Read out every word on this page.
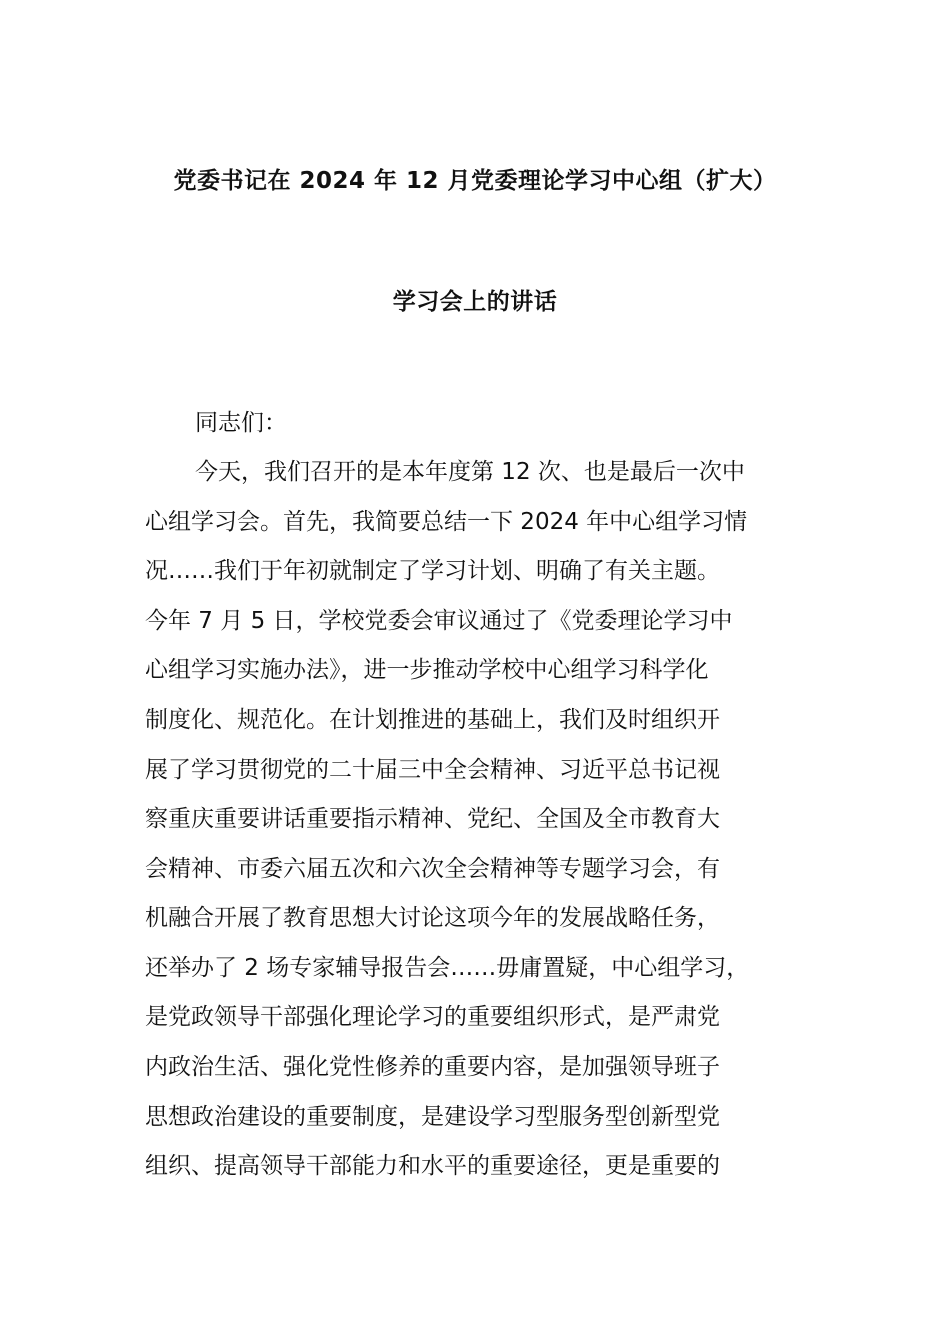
党委书记在 2024 年 12 月党委理论学习中心组（扩大）
学习会上的讲话
同志们：
今天，我们召开的是本年度第 12 次、也是最后一次中
心组学习会。首先，我简要总结一下 2024 年中心组学习情
况……我们于年初就制定了学习计划、明确了有关主题。
今年 7 月 5 日，学校党委会审议通过了《党委理论学习中
心组学习实施办法》，进一步推动学校中心组学习科学化
制度化、规范化。在计划推进的基础上，我们及时组织开
展了学习贯彻党的二十届三中全会精神、习近平总书记视
察重庆重要讲话重要指示精神、党纪、全国及全市教育大
会精神、市委六届五次和六次全会精神等专题学习会，有
机融合开展了教育思想大讨论这项今年的发展战略任务，
还举办了 2 场专家辅导报告会……毋庸置疑，中心组学习，
是党政领导干部强化理论学习的重要组织形式，是严肃党
内政治生活、强化党性修养的重要内容，是加强领导班子
思想政治建设的重要制度，是建设学习型服务型创新型党
组织、提高领导干部能力和水平的重要途径，更是重要的
